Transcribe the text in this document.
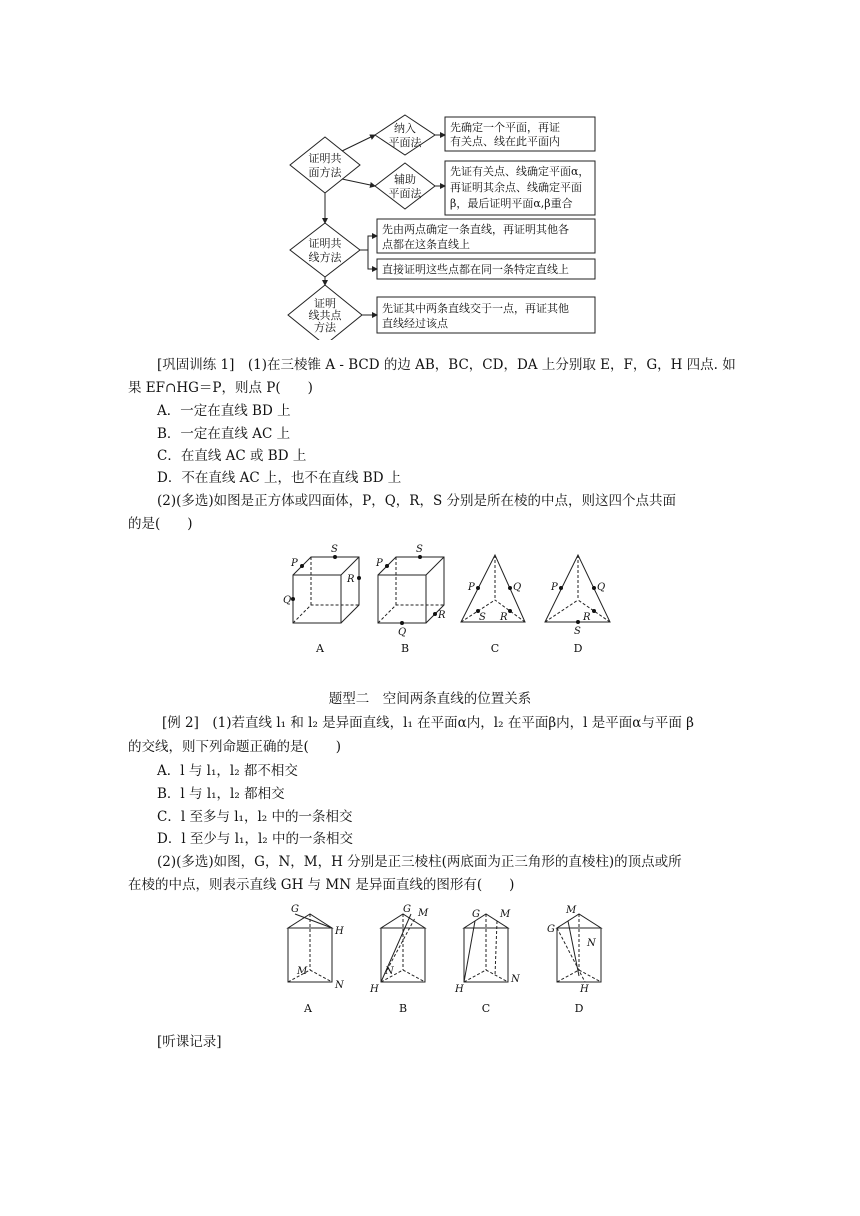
证明共
面方法
纳入
平面法
辅助
平面法
证明共
线方法
证明
线共点
方法
先确定一个平面，再证
有关点、线在此平面内
先证有关点、线确定平面α，
再证明其余点、线确定平面
β，最后证明平面α,β重合
先由两点确定一条直线，再证明其他各
点都在这条直线上
直接证明这些点都在同一条特定直线上
先证其中两条直线交于一点，再证其他
直线经过该点
[巩固训练 1]　(1)在三棱锥 A - BCD 的边 AB，BC，CD，DA 上分别取 E，F，G，H 四点. 如
果 EF∩HG＝P，则点 P(　　)
A．一定在直线 BD 上
B．一定在直线 AC 上
C．在直线 AC 或 BD 上
D．不在直线 AC 上，也不在直线 BD 上
(2)(多选)如图是正方体或四面体，P，Q，R，S 分别是所在棱的中点，则这四个点共面
的是(　　)
P
S
R
Q
P
S
R
Q
P	Q
S R
P	Q
R
S
A	B	C	D
题型二　空间两条直线的位置关系
[例 2]　(1)若直线 l₁ 和 l₂ 是异面直线，l₁ 在平面α内，l₂ 在平面β内，l 是平面α与平面 β
的交线，则下列命题正确的是(　　)
A．l 与 l₁，l₂ 都不相交
B．l 与 l₁，l₂ 都相交
C．l 至多与 l₁，l₂ 中的一条相交
D．l 至少与 l₁，l₂ 中的一条相交
(2)(多选)如图，G，N，M，H 分别是正三棱柱(两底面为正三角形的直棱柱)的顶点或所
在棱的中点，则表示直线 GH 与 MN 是异面直线的图形有(　　)
G
H
M
N
G M
N
H
G M
H
N
M
G
N
H
A	B	C	D
[听课记录]
